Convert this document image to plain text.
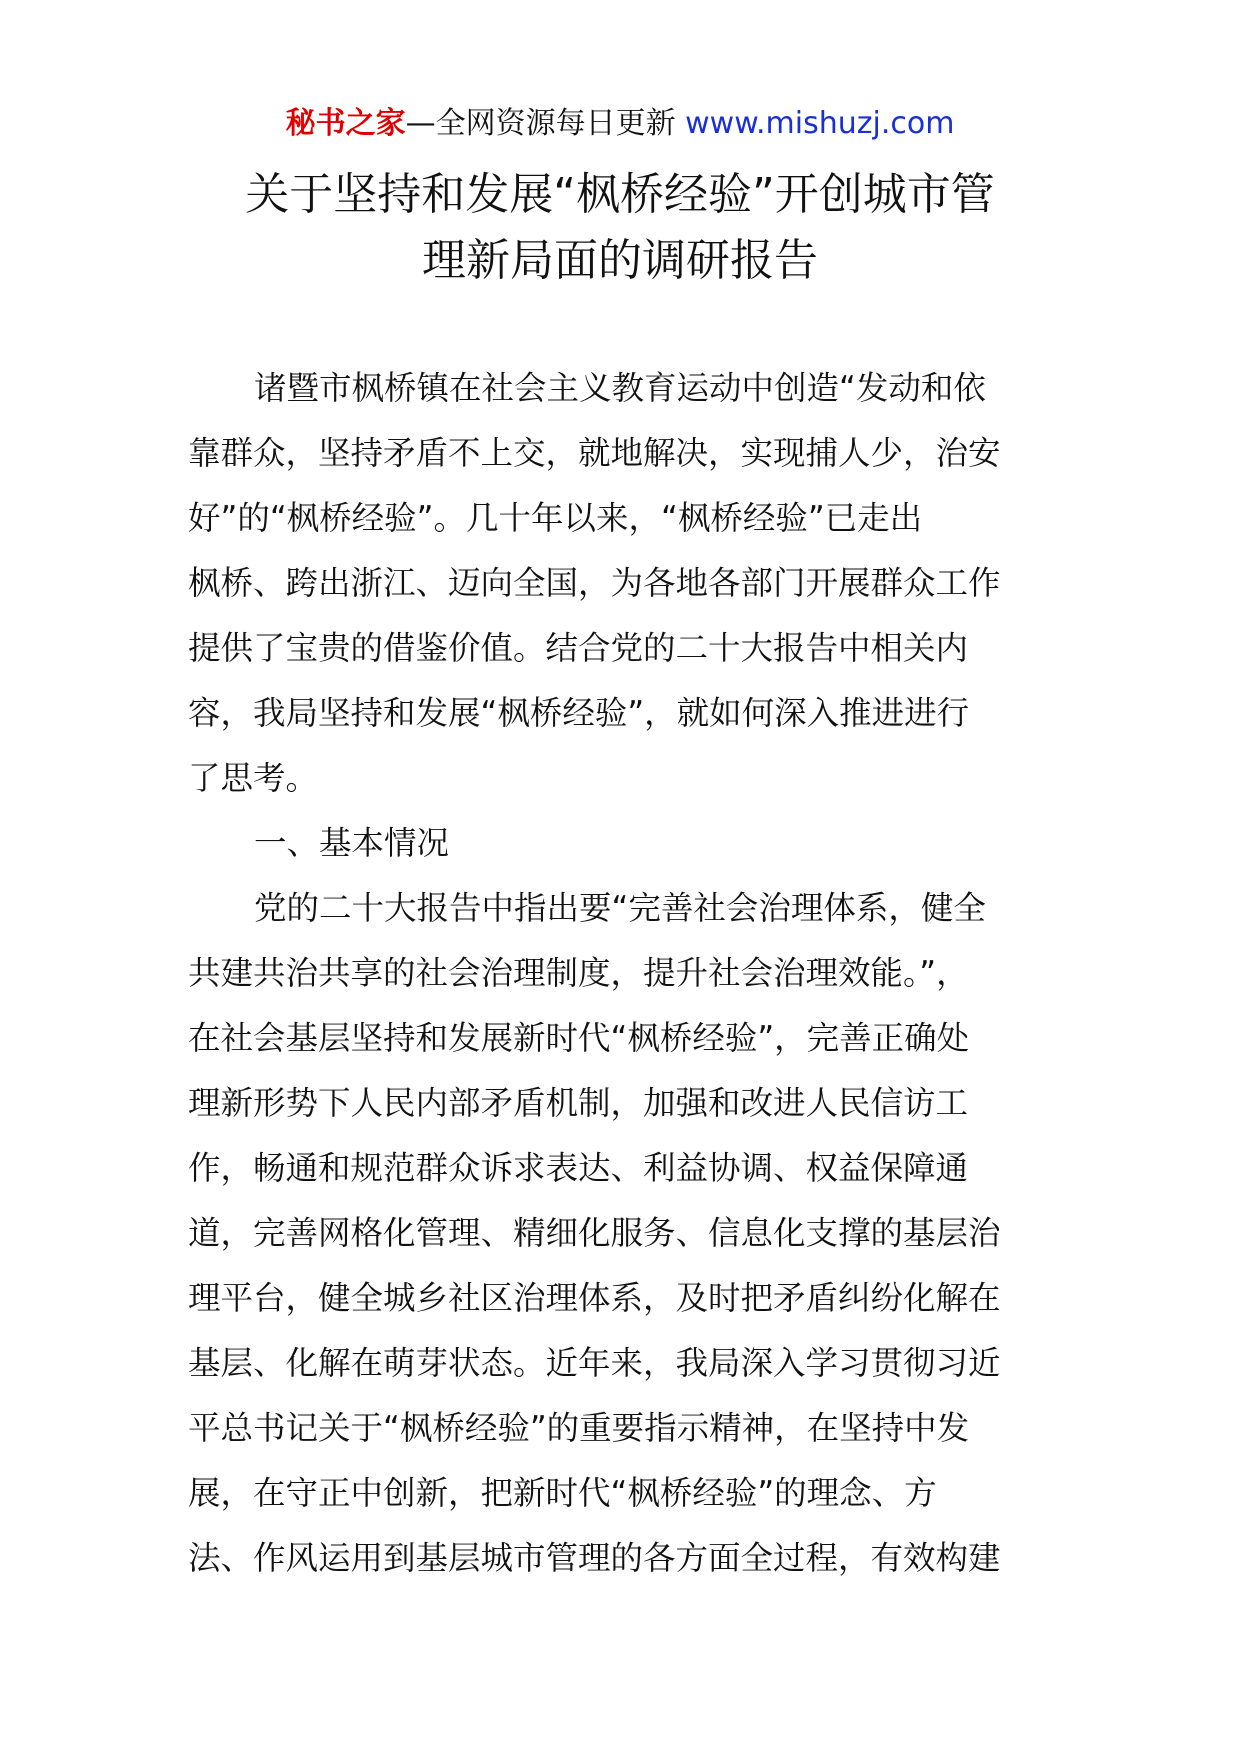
秘书之家—全网资源每日更新 www.mishuzj.com
关于坚持和发展“枫桥经验”开创城市管
理新局面的调研报告
诸暨市枫桥镇在社会主义教育运动中创造“发动和依
靠群众，坚持矛盾不上交，就地解决，实现捕人少，治安
好”的“枫桥经验”。几十年以来，“枫桥经验”已走出
枫桥、跨出浙江、迈向全国，为各地各部门开展群众工作
提供了宝贵的借鉴价值。结合党的二十大报告中相关内
容，我局坚持和发展“枫桥经验”，就如何深入推进进行
了思考。
一、基本情况
党的二十大报告中指出要“完善社会治理体系，健全
共建共治共享的社会治理制度，提升社会治理效能。”，
在社会基层坚持和发展新时代“枫桥经验”，完善正确处
理新形势下人民内部矛盾机制，加强和改进人民信访工
作，畅通和规范群众诉求表达、利益协调、权益保障通
道，完善网格化管理、精细化服务、信息化支撑的基层治
理平台，健全城乡社区治理体系，及时把矛盾纠纷化解在
基层、化解在萌芽状态。近年来，我局深入学习贯彻习近
平总书记关于“枫桥经验”的重要指示精神，在坚持中发
展，在守正中创新，把新时代“枫桥经验”的理念、方
法、作风运用到基层城市管理的各方面全过程，有效构建
